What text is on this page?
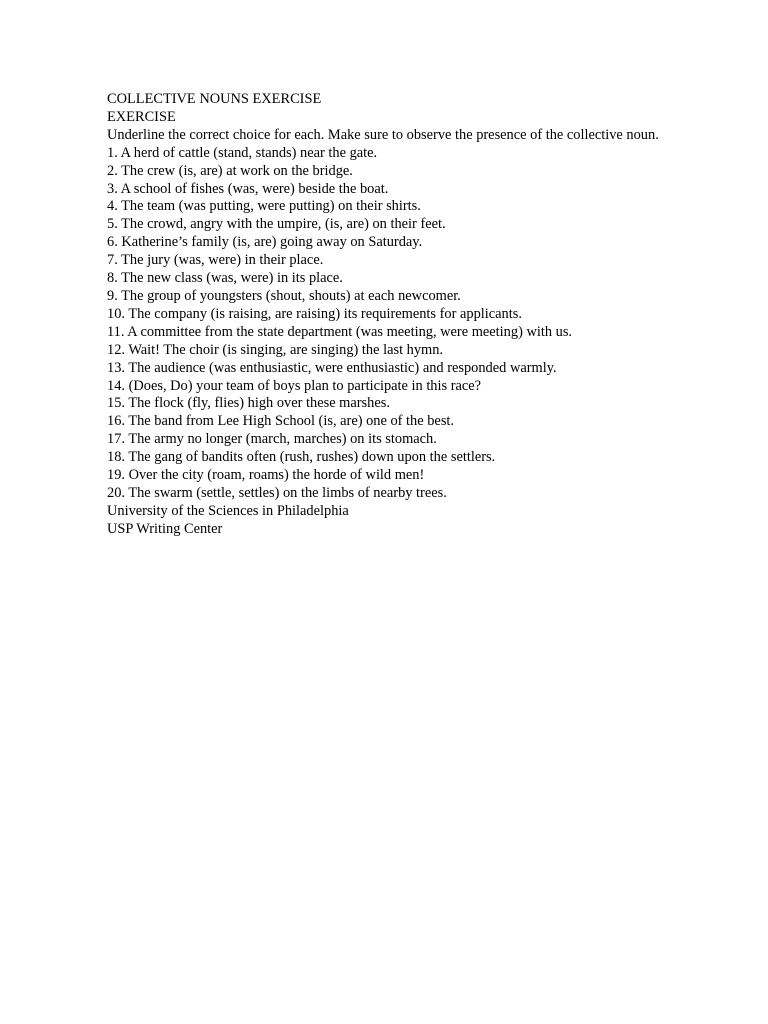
COLLECTIVE NOUNS EXERCISE
EXERCISE
Underline the correct choice for each. Make sure to observe the presence of the collective noun.
1. A herd of cattle (stand, stands) near the gate.
2. The crew (is, are) at work on the bridge.
3. A school of fishes (was, were) beside the boat.
4. The team (was putting, were putting) on their shirts.
5. The crowd, angry with the umpire, (is, are) on their feet.
6. Katherine’s family (is, are) going away on Saturday.
7. The jury (was, were) in their place.
8. The new class (was, were) in its place.
9. The group of youngsters (shout, shouts) at each newcomer.
10. The company (is raising, are raising) its requirements for applicants.
11. A committee from the state department (was meeting, were meeting) with us.
12. Wait! The choir (is singing, are singing) the last hymn.
13. The audience (was enthusiastic, were enthusiastic) and responded warmly.
14. (Does, Do) your team of boys plan to participate in this race?
15. The flock (fly, flies) high over these marshes.
16. The band from Lee High School (is, are) one of the best.
17. The army no longer (march, marches) on its stomach.
18. The gang of bandits often (rush, rushes) down upon the settlers.
19. Over the city (roam, roams) the horde of wild men!
20. The swarm (settle, settles) on the limbs of nearby trees.
University of the Sciences in Philadelphia
USP Writing Center
